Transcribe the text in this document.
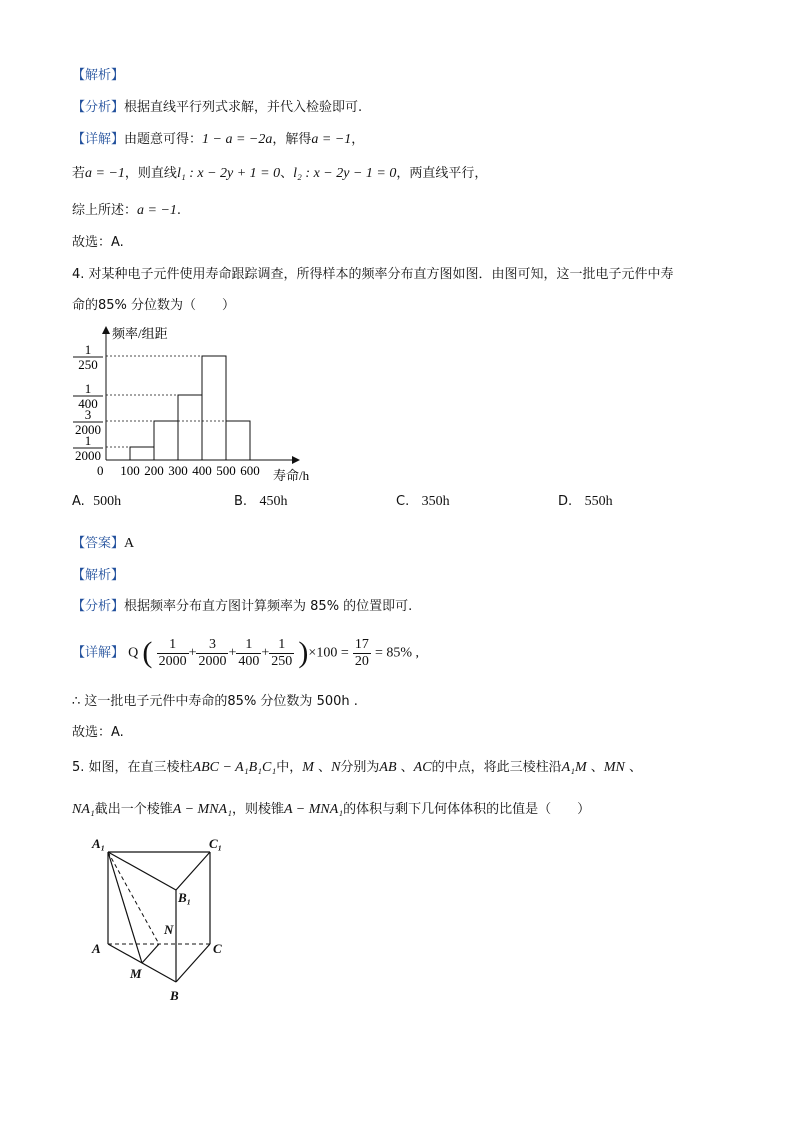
【解析】
【分析】根据直线平行列式求解，并代入检验即可.
【详解】由题意可得：1 − a = −2a，解得a = −1，
若a = −1，则直线l₁ : x − 2y + 1 = 0、l₂ : x − 2y − 1 = 0，两直线平行，
综上所述：a = −1.
故选：A.
4. 对某种电子元件使用寿命跟踪调查，所得样本的频率分布直方图如图．由图可知，这一批电子元件中寿
命的85% 分位数为（　　）
频率/组距
寿命/h
0
1
250
1
400
3
2000
1
2000
100 200 300 400 500 600
A. 500h	B. 450h	C. 350h	D. 550h
【答案】A
【解析】
【分析】根据频率分布直方图计算频率为 85% 的位置即可.
【详解】 Q ( $\frac{1}{2000} + \frac{3}{2000} + \frac{1}{400} + \frac{1}{250} )\times 100 = \frac{17}{20} = 85\%$ ,
∴ 这一批电子元件中寿命的85% 分位数为 500h .
故选：A.
5. 如图，在直三棱柱ABC − A₁B₁C₁中，M 、N分别为AB 、AC的中点，将此三棱柱沿A₁M 、MN 、
NA₁截出一个棱锥A − MNA₁，则棱锥A − MNA₁的体积与剩下几何体体积的比值是（　　）
A₁	C₁
B₁
N
A	C
M
B
